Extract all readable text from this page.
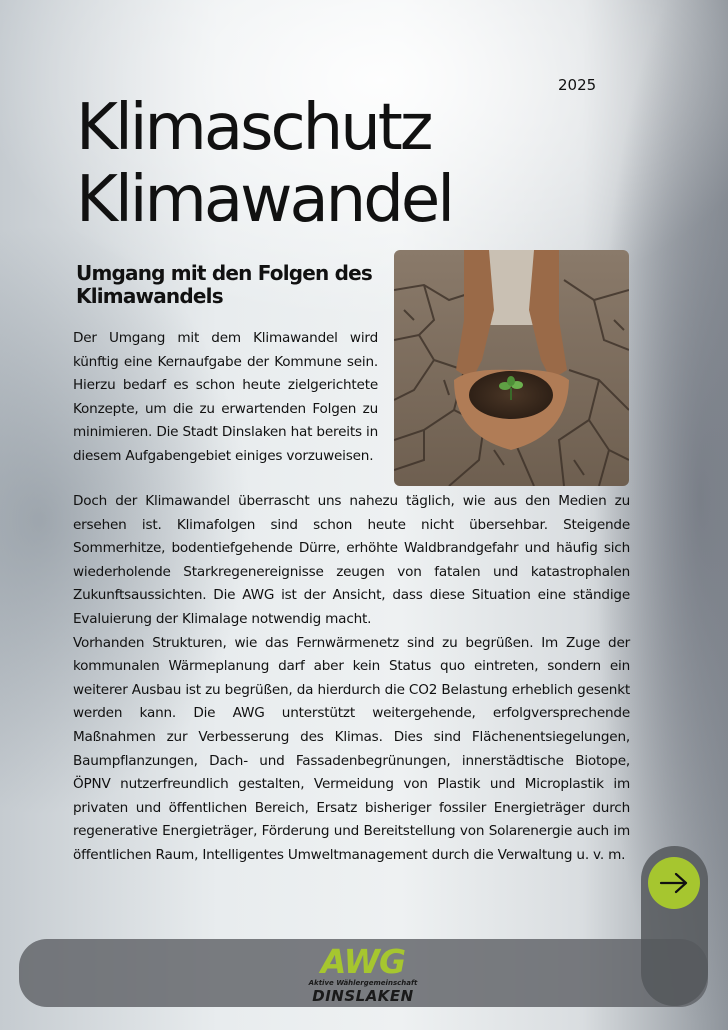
2025
Klimaschutz
Klimawandel
Umgang mit den Folgen des Klimawandels

Der Umgang mit dem Klimawandel wird künftig eine Kernaufgabe der Kommune sein. Hierzu bedarf es schon heute zielgerichtete Konzepte, um die zu erwartenden Folgen zu minimieren. Die Stadt Dinslaken hat bereits in diesem Aufgabengebiet einiges vorzuweisen.

Doch der Klimawandel überrascht uns nahezu täglich, wie aus den Medien zu ersehen ist. Klimafolgen sind schon heute nicht übersehbar. Steigende Sommerhitze, bodentiefgehende Dürre, erhöhte Waldbrandgefahr und häufig sich wiederholende Starkregenereignisse zeugen von fatalen und katastrophalen Zukunftsaussichten. Die AWG ist der Ansicht, dass diese Situation eine ständige Evaluierung der Klimalage notwendig macht.

Vorhanden Strukturen, wie das Fernwärmenetz sind zu begrüßen. Im Zuge der kommunalen Wärmeplanung darf aber kein Status quo eintreten, sondern ein weiterer Ausbau ist zu begrüßen, da hierdurch die CO2 Belastung erheblich gesenkt werden kann. Die AWG unterstützt weitergehende, erfolgversprechende Maßnahmen zur Verbesserung des Klimas. Dies sind Flächenentsiegelungen, Baumpflanzungen, Dach- und Fassadenbegrünungen, innerstädtische Biotope, ÖPNV nutzerfreundlich gestalten, Vermeidung von Plastik und Microplastik im privaten und öffentlichen Bereich, Ersatz bisheriger fossiler Energieträger durch regenerative Energieträger, Förderung und Bereitstellung von Solarenergie auch im öffentlichen Raum, Intelligentes Umweltmanagement durch die Verwaltung u. v. m.

AWG
Aktive Wählergemeinschaft
DINSLAKEN
